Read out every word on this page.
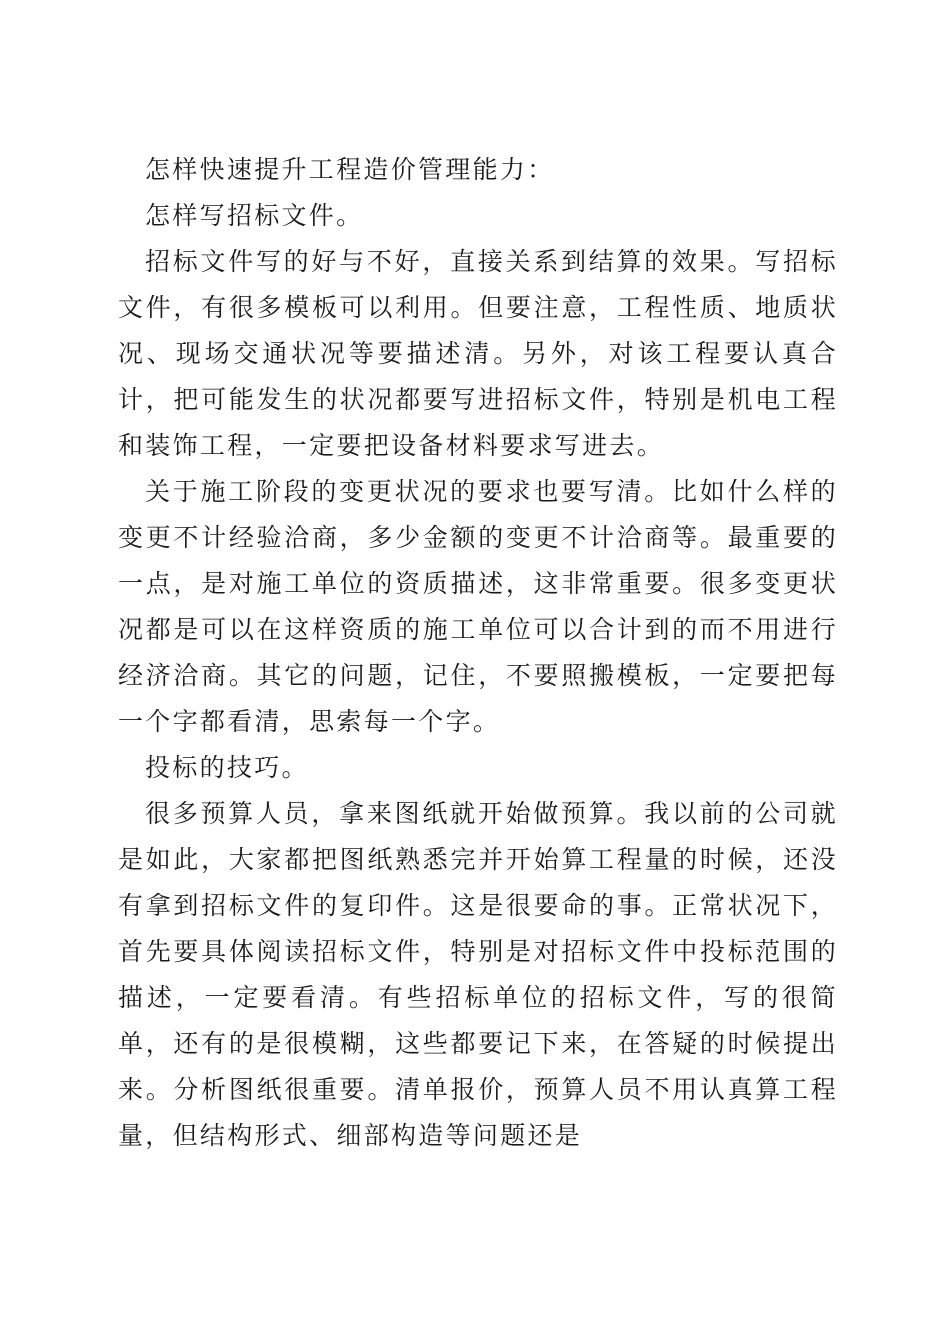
怎样快速提升工程造价管理能力：

怎样写招标文件。

招标文件写的好与不好，直接关系到结算的效果。写招标文件，有很多模板可以利用。但要注意，工程性质、地质状况、现场交通状况等要描述清。另外，对该工程要认真合计，把可能发生的状况都要写进招标文件，特别是机电工程和装饰工程，一定要把设备材料要求写进去。

关于施工阶段的变更状况的要求也要写清。比如什么样的变更不计经验洽商，多少金额的变更不计洽商等。最重要的一点，是对施工单位的资质描述，这非常重要。很多变更状况都是可以在这样资质的施工单位可以合计到的而不用进行经济洽商。其它的问题，记住，不要照搬模板，一定要把每一个字都看清，思索每一个字。

投标的技巧。

很多预算人员，拿来图纸就开始做预算。我以前的公司就是如此，大家都把图纸熟悉完并开始算工程量的时候，还没有拿到招标文件的复印件。这是很要命的事。正常状况下，首先要具体阅读招标文件，特别是对招标文件中投标范围的描述，一定要看清。有些招标单位的招标文件，写的很简单，还有的是很模糊，这些都要记下来，在答疑的时候提出来。分析图纸很重要。清单报价，预算人员不用认真算工程量，但结构形式、细部构造等问题还是
